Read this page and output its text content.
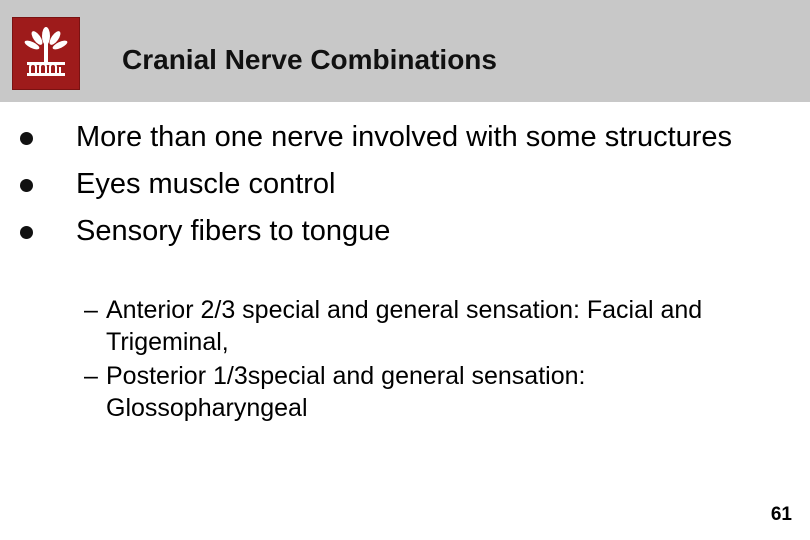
Cranial Nerve Combinations
More than one nerve involved with some structures
Eyes muscle control
Sensory fibers to tongue
– Anterior 2/3 special and general sensation: Facial and Trigeminal,
– Posterior 1/3special and general sensation: Glossopharyngeal
61
